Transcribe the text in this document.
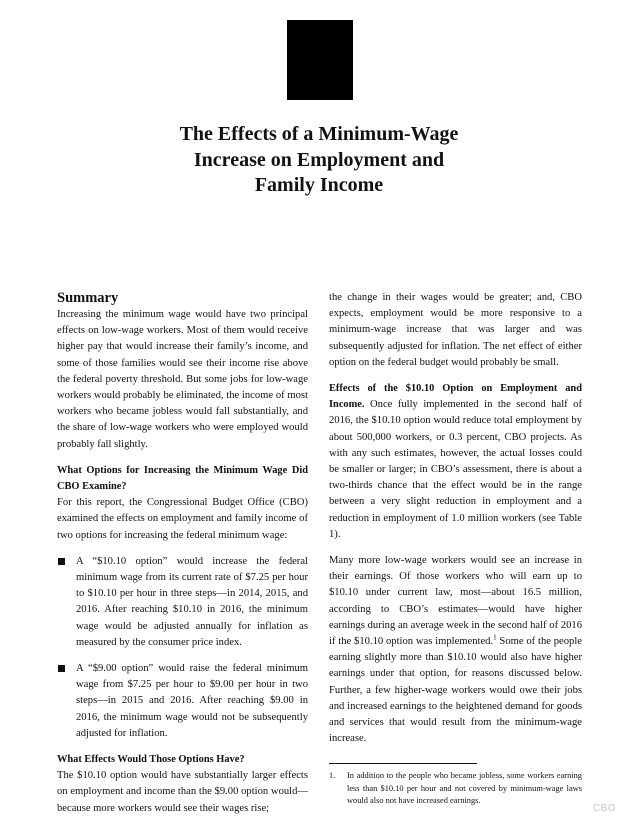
The Effects of a Minimum-Wage
Increase on Employment and
Family Income

Summary

Increasing the minimum wage would have two principal effects on low-wage workers. Most of them would receive higher pay that would increase their family’s income, and some of those families would see their income rise above the federal poverty threshold. But some jobs for low-wage workers would probably be eliminated, the income of most workers who became jobless would fall substantially, and the share of low-wage workers who were employed would probably fall slightly.

What Options for Increasing the Minimum Wage Did CBO Examine?

For this report, the Congressional Budget Office (CBO) examined the effects on employment and family income of two options for increasing the federal minimum wage:

A “$10.10 option” would increase the federal minimum wage from its current rate of $7.25 per hour to $10.10 per hour in three steps—in 2014, 2015, and 2016. After reaching $10.10 in 2016, the minimum wage would be adjusted annually for inflation as measured by the consumer price index.

A “$9.00 option” would raise the federal minimum wage from $7.25 per hour to $9.00 per hour in two steps—in 2015 and 2016. After reaching $9.00 in 2016, the minimum wage would not be subsequently adjusted for inflation.

What Effects Would Those Options Have?

The $10.10 option would have substantially larger effects on employment and income than the $9.00 option would—because more workers would see their wages rise;

the change in their wages would be greater; and, CBO expects, employment would be more responsive to a minimum-wage increase that was larger and was subsequently adjusted for inflation. The net effect of either option on the federal budget would probably be small.

Effects of the $10.10 Option on Employment and Income. Once fully implemented in the second half of 2016, the $10.10 option would reduce total employment by about 500,000 workers, or 0.3 percent, CBO projects. As with any such estimates, however, the actual losses could be smaller or larger; in CBO’s assessment, there is about a two-thirds chance that the effect would be in the range between a very slight reduction in employment and a reduction in employment of 1.0 million workers (see Table 1).

Many more low-wage workers would see an increase in their earnings. Of those workers who will earn up to $10.10 under current law, most—about 16.5 million, according to CBO’s estimates—would have higher earnings during an average week in the second half of 2016 if the $10.10 option was implemented.$^1$ Some of the people earning slightly more than $10.10 would also have higher earnings under that option, for reasons discussed below. Further, a few higher-wage workers would owe their jobs and increased earnings to the heightened demand for goods and services that would result from the minimum-wage increase.

1. In addition to the people who became jobless, some workers earning less than $10.10 per hour and not covered by minimum-wage laws would also not have increased earnings.
CBO
